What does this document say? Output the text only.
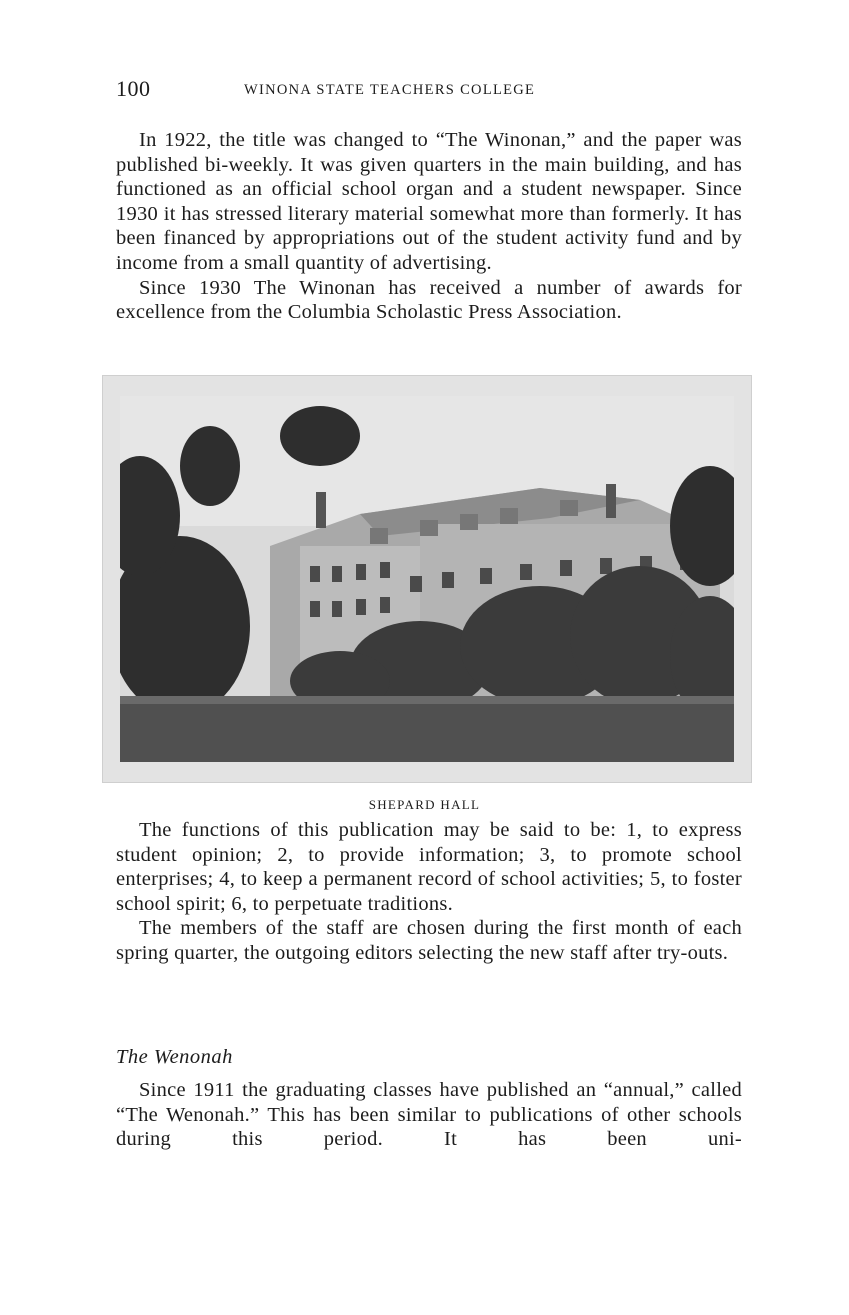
100	WINONA STATE TEACHERS COLLEGE

In 1922, the title was changed to “The Winonan,” and the paper was published bi-weekly. It was given quarters in the main building, and has functioned as an official school organ and a student newspaper. Since 1930 it has stressed literary material somewhat more than formerly. It has been financed by appropriations out of the student activity fund and by income from a small quantity of advertising.

Since 1930 The Winonan has received a number of awards for excellence from the Columbia Scholastic Press Association.

SHEPARD HALL

The functions of this publication may be said to be: 1, to express student opinion; 2, to provide information; 3, to promote school enterprises; 4, to keep a permanent record of school activities; 5, to foster school spirit; 6, to perpetuate traditions.

The members of the staff are chosen during the first month of each spring quarter, the outgoing editors selecting the new staff after try-outs.

The Wenonah

Since 1911 the graduating classes have published an “annual,” called “The Wenonah.” This has been similar to publications of other schools during this period. It has been uni-
